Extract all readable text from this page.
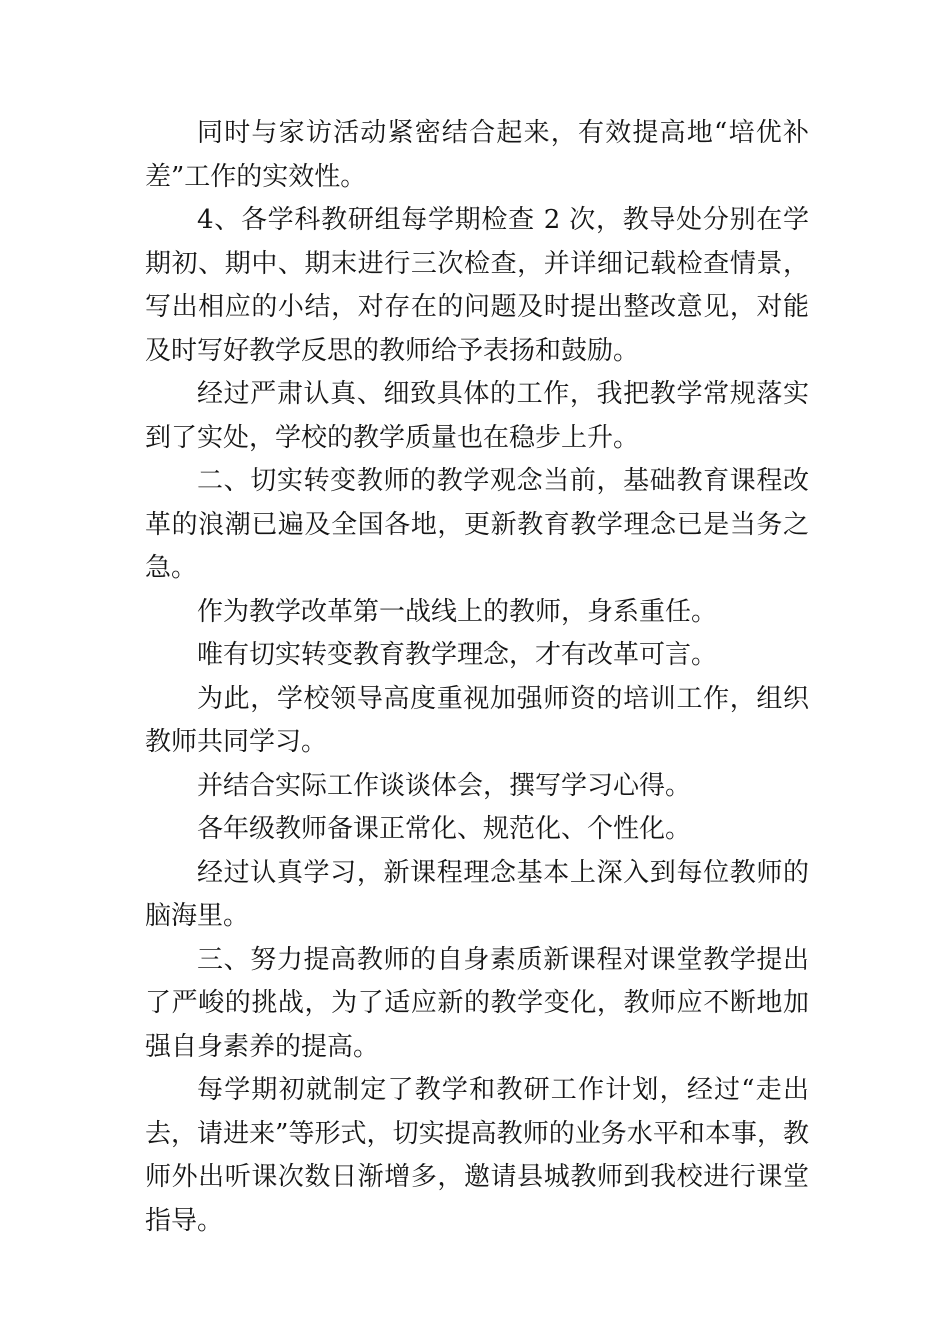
同时与家访活动紧密结合起来，有效提高地“培优补差”工作的实效性。

4、各学科教研组每学期检查 2 次，教导处分别在学期初、期中、期末进行三次检查，并详细记载检查情景，写出相应的小结，对存在的问题及时提出整改意见，对能及时写好教学反思的教师给予表扬和鼓励。

经过严肃认真、细致具体的工作，我把教学常规落实到了实处，学校的教学质量也在稳步上升。

二、切实转变教师的教学观念当前，基础教育课程改革的浪潮已遍及全国各地，更新教育教学理念已是当务之急。

作为教学改革第一战线上的教师，身系重任。

唯有切实转变教育教学理念，才有改革可言。

为此，学校领导高度重视加强师资的培训工作，组织教师共同学习。

并结合实际工作谈谈体会，撰写学习心得。

各年级教师备课正常化、规范化、个性化。

经过认真学习，新课程理念基本上深入到每位教师的脑海里。

三、努力提高教师的自身素质新课程对课堂教学提出了严峻的挑战，为了适应新的教学变化，教师应不断地加强自身素养的提高。

每学期初就制定了教学和教研工作计划，经过“走出去，请进来”等形式，切实提高教师的业务水平和本事，教师外出听课次数日渐增多，邀请县城教师到我校进行课堂指导。
